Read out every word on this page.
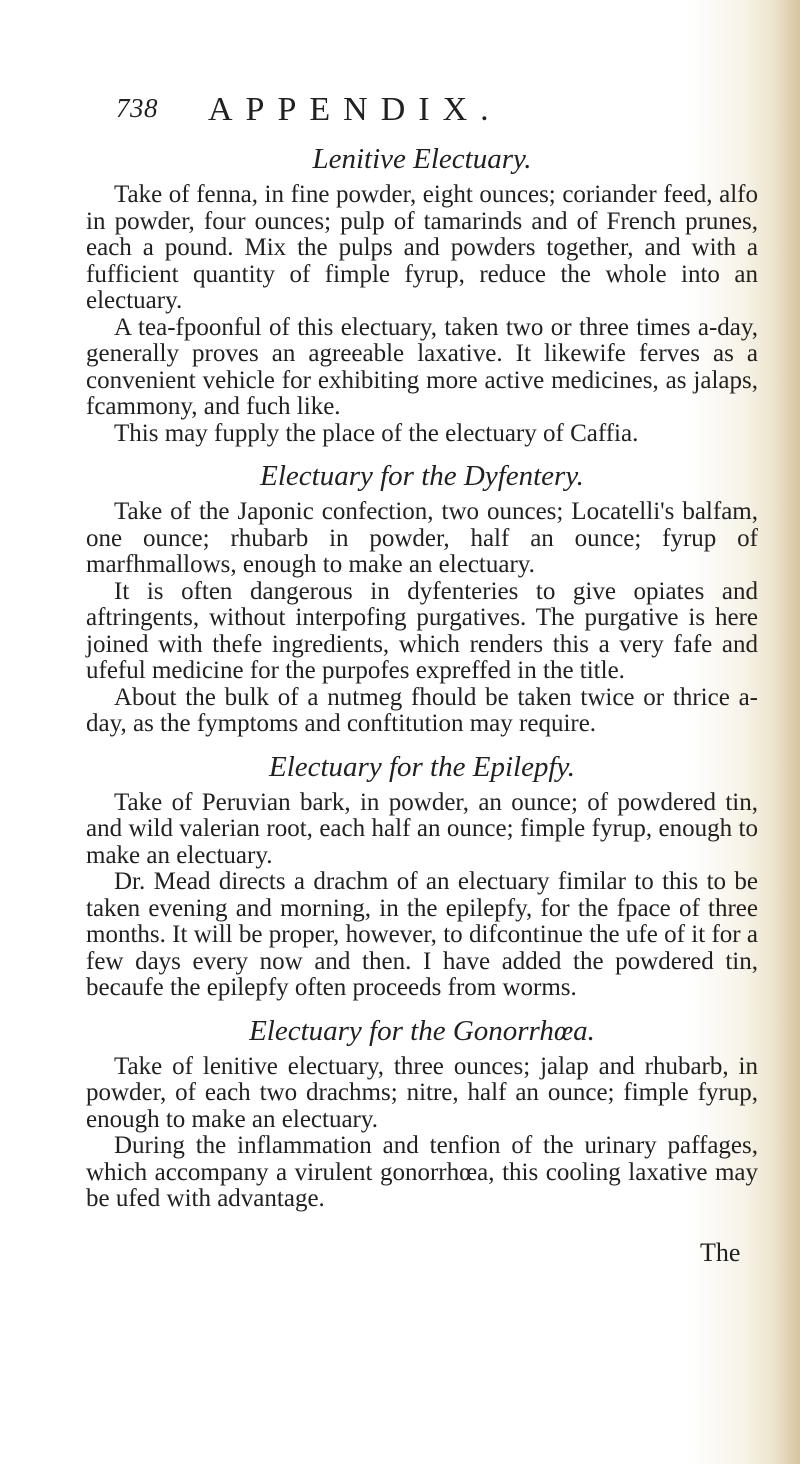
738 APPENDIX.
Lenitive Electuary.

Take of fenna, in fine powder, eight ounces; coriander feed, alfo in powder, four ounces; pulp of tamarinds and of French prunes, each a pound. Mix the pulps and powders together, and with a fufficient quantity of fimple fyrup, reduce the whole into an electuary.

A tea-fpoonful of this electuary, taken two or three times a-day, generally proves an agreeable laxative. It likewife ferves as a convenient vehicle for exhibiting more active medicines, as jalaps, fcammony, and fuch like.

This may fupply the place of the electuary of Caffia.

Electuary for the Dyfentery.

Take of the Japonic confection, two ounces; Locatelli's balfam, one ounce; rhubarb in powder, half an ounce; fyrup of marfhmallows, enough to make an electuary.

It is often dangerous in dyfenteries to give opiates and aftringents, without interpofing purgatives. The purgative is here joined with thefe ingredients, which renders this a very fafe and ufeful medicine for the purpofes expreffed in the title.

About the bulk of a nutmeg fhould be taken twice or thrice a-day, as the fymptoms and conftitution may require.

Electuary for the Epilepfy.

Take of Peruvian bark, in powder, an ounce; of powdered tin, and wild valerian root, each half an ounce; fimple fyrup, enough to make an electuary.

Dr. Mead directs a drachm of an electuary fimilar to this to be taken evening and morning, in the epilepfy, for the fpace of three months. It will be proper, however, to difcontinue the ufe of it for a few days every now and then. I have added the powdered tin, becaufe the epilepfy often proceeds from worms.

Electuary for the Gonorrhœa.

Take of lenitive electuary, three ounces; jalap and rhubarb, in powder, of each two drachms; nitre, half an ounce; fimple fyrup, enough to make an electuary.

During the inflammation and tenfion of the urinary paffages, which accompany a virulent gonorrhœa, this cooling laxative may be ufed with advantage.

The
